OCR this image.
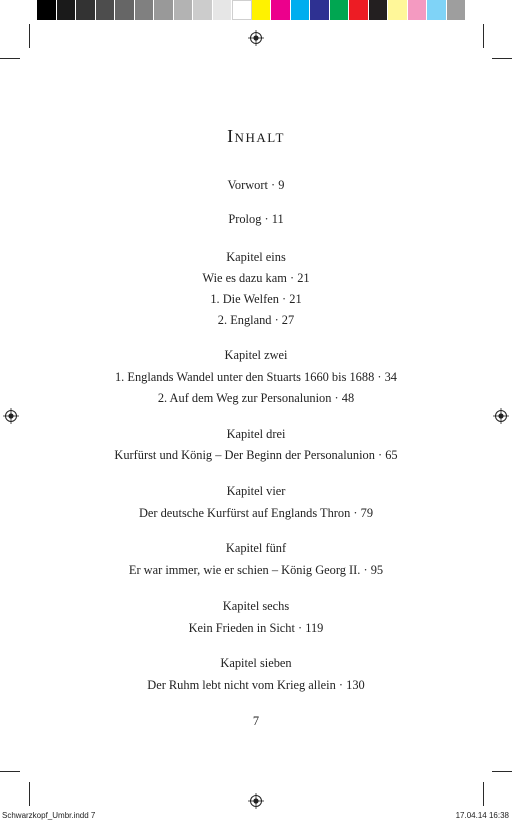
Inhalt
Vorwort · 9
Prolog · 11
Kapitel eins
Wie es dazu kam · 21
1. Die Welfen · 21
2. England · 27
Kapitel zwei
1. Englands Wandel unter den Stuarts 1660 bis 1688 · 34
2. Auf dem Weg zur Personalunion · 48
Kapitel drei
Kurfürst und König – Der Beginn der Personalunion · 65
Kapitel vier
Der deutsche Kurfürst auf Englands Thron · 79
Kapitel fünf
Er war immer, wie er schien – König Georg II. · 95
Kapitel sechs
Kein Frieden in Sicht · 119
Kapitel sieben
Der Ruhm lebt nicht vom Krieg allein · 130
7
Schwarzkopf_Umbr.indd 7	17.04.14 16:38
